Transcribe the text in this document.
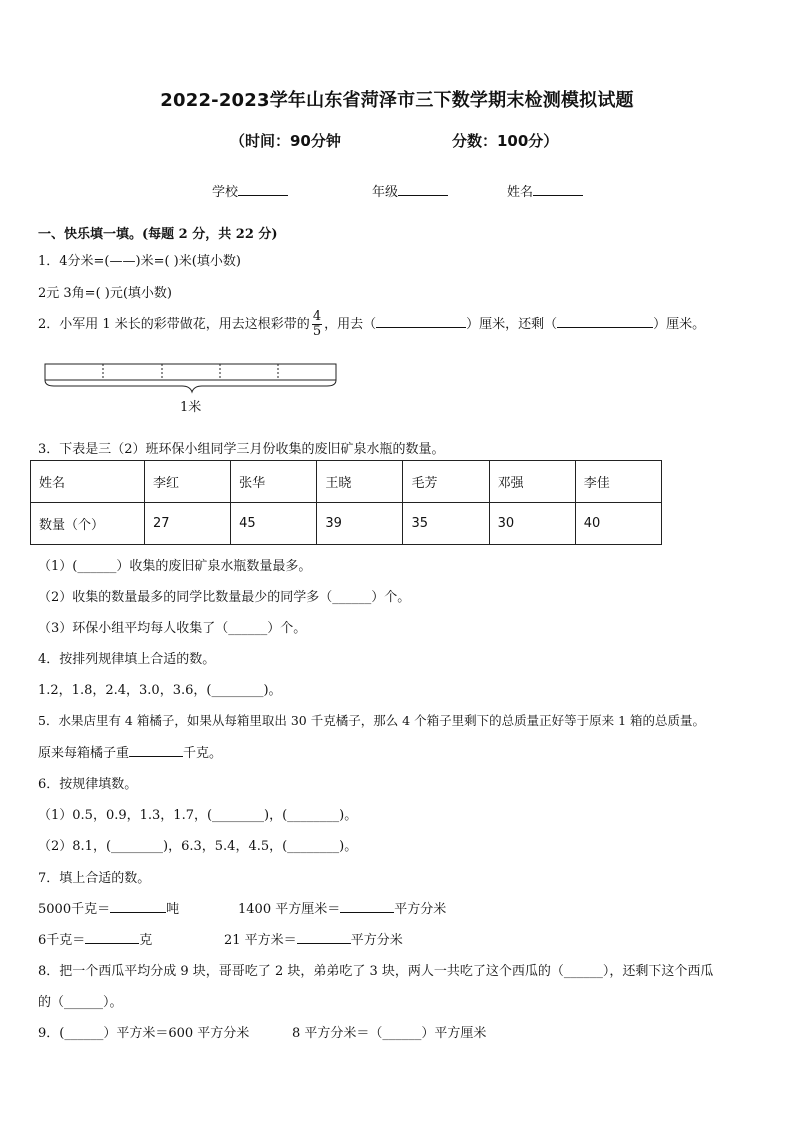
2022-2023学年山东省菏泽市三下数学期末检测模拟试题
（时间：90分钟	分数：100分）
学校	年级	姓名
一、快乐填一填。(每题 2 分，共 22 分)
1．4分米=(——)米=( )米(填小数)
2元 3角=( )元(填小数)
2．小军用 1 米长的彩带做花，用去这根彩带的 $\frac{4}{5}$ ，用去（	）厘米，还剩（	）厘米。
1米
3．下表是三（2）班环保小组同学三月份收集的废旧矿泉水瓶的数量。
姓名	李红	张华	王晓	毛芳	邓强	李佳
数量（个）	27	45	39	35	30	40
（1）(______）收集的废旧矿泉水瓶数量最多。
（2）收集的数量最多的同学比数量最少的同学多（______）个。
（3）环保小组平均每人收集了（______）个。
4．按排列规律填上合适的数。
1.2，1.8，2.4，3.0，3.6，(________)。
5．水果店里有 4 箱橘子，如果从每箱里取出 30 千克橘子，那么 4 个箱子里剩下的总质量正好等于原来 1 箱的总质量。
原来每箱橘子重	千克。
6．按规律填数。
（1）0.5，0.9，1.3，1.7，(________)，(________)。
（2）8.1，(________)，6.3，5.4，4.5，(________)。
7．填上合适的数。
5000千克＝	吨	1400 平方厘米＝	平方分米
6千克＝	克	21 平方米＝	平方分米
8．把一个西瓜平均分成 9 块，哥哥吃了 2 块，弟弟吃了 3 块，两人一共吃了这个西瓜的（______），还剩下这个西瓜
的（______）。
9．(______）平方米＝600 平方分米	8 平方分米＝（______）平方厘米
